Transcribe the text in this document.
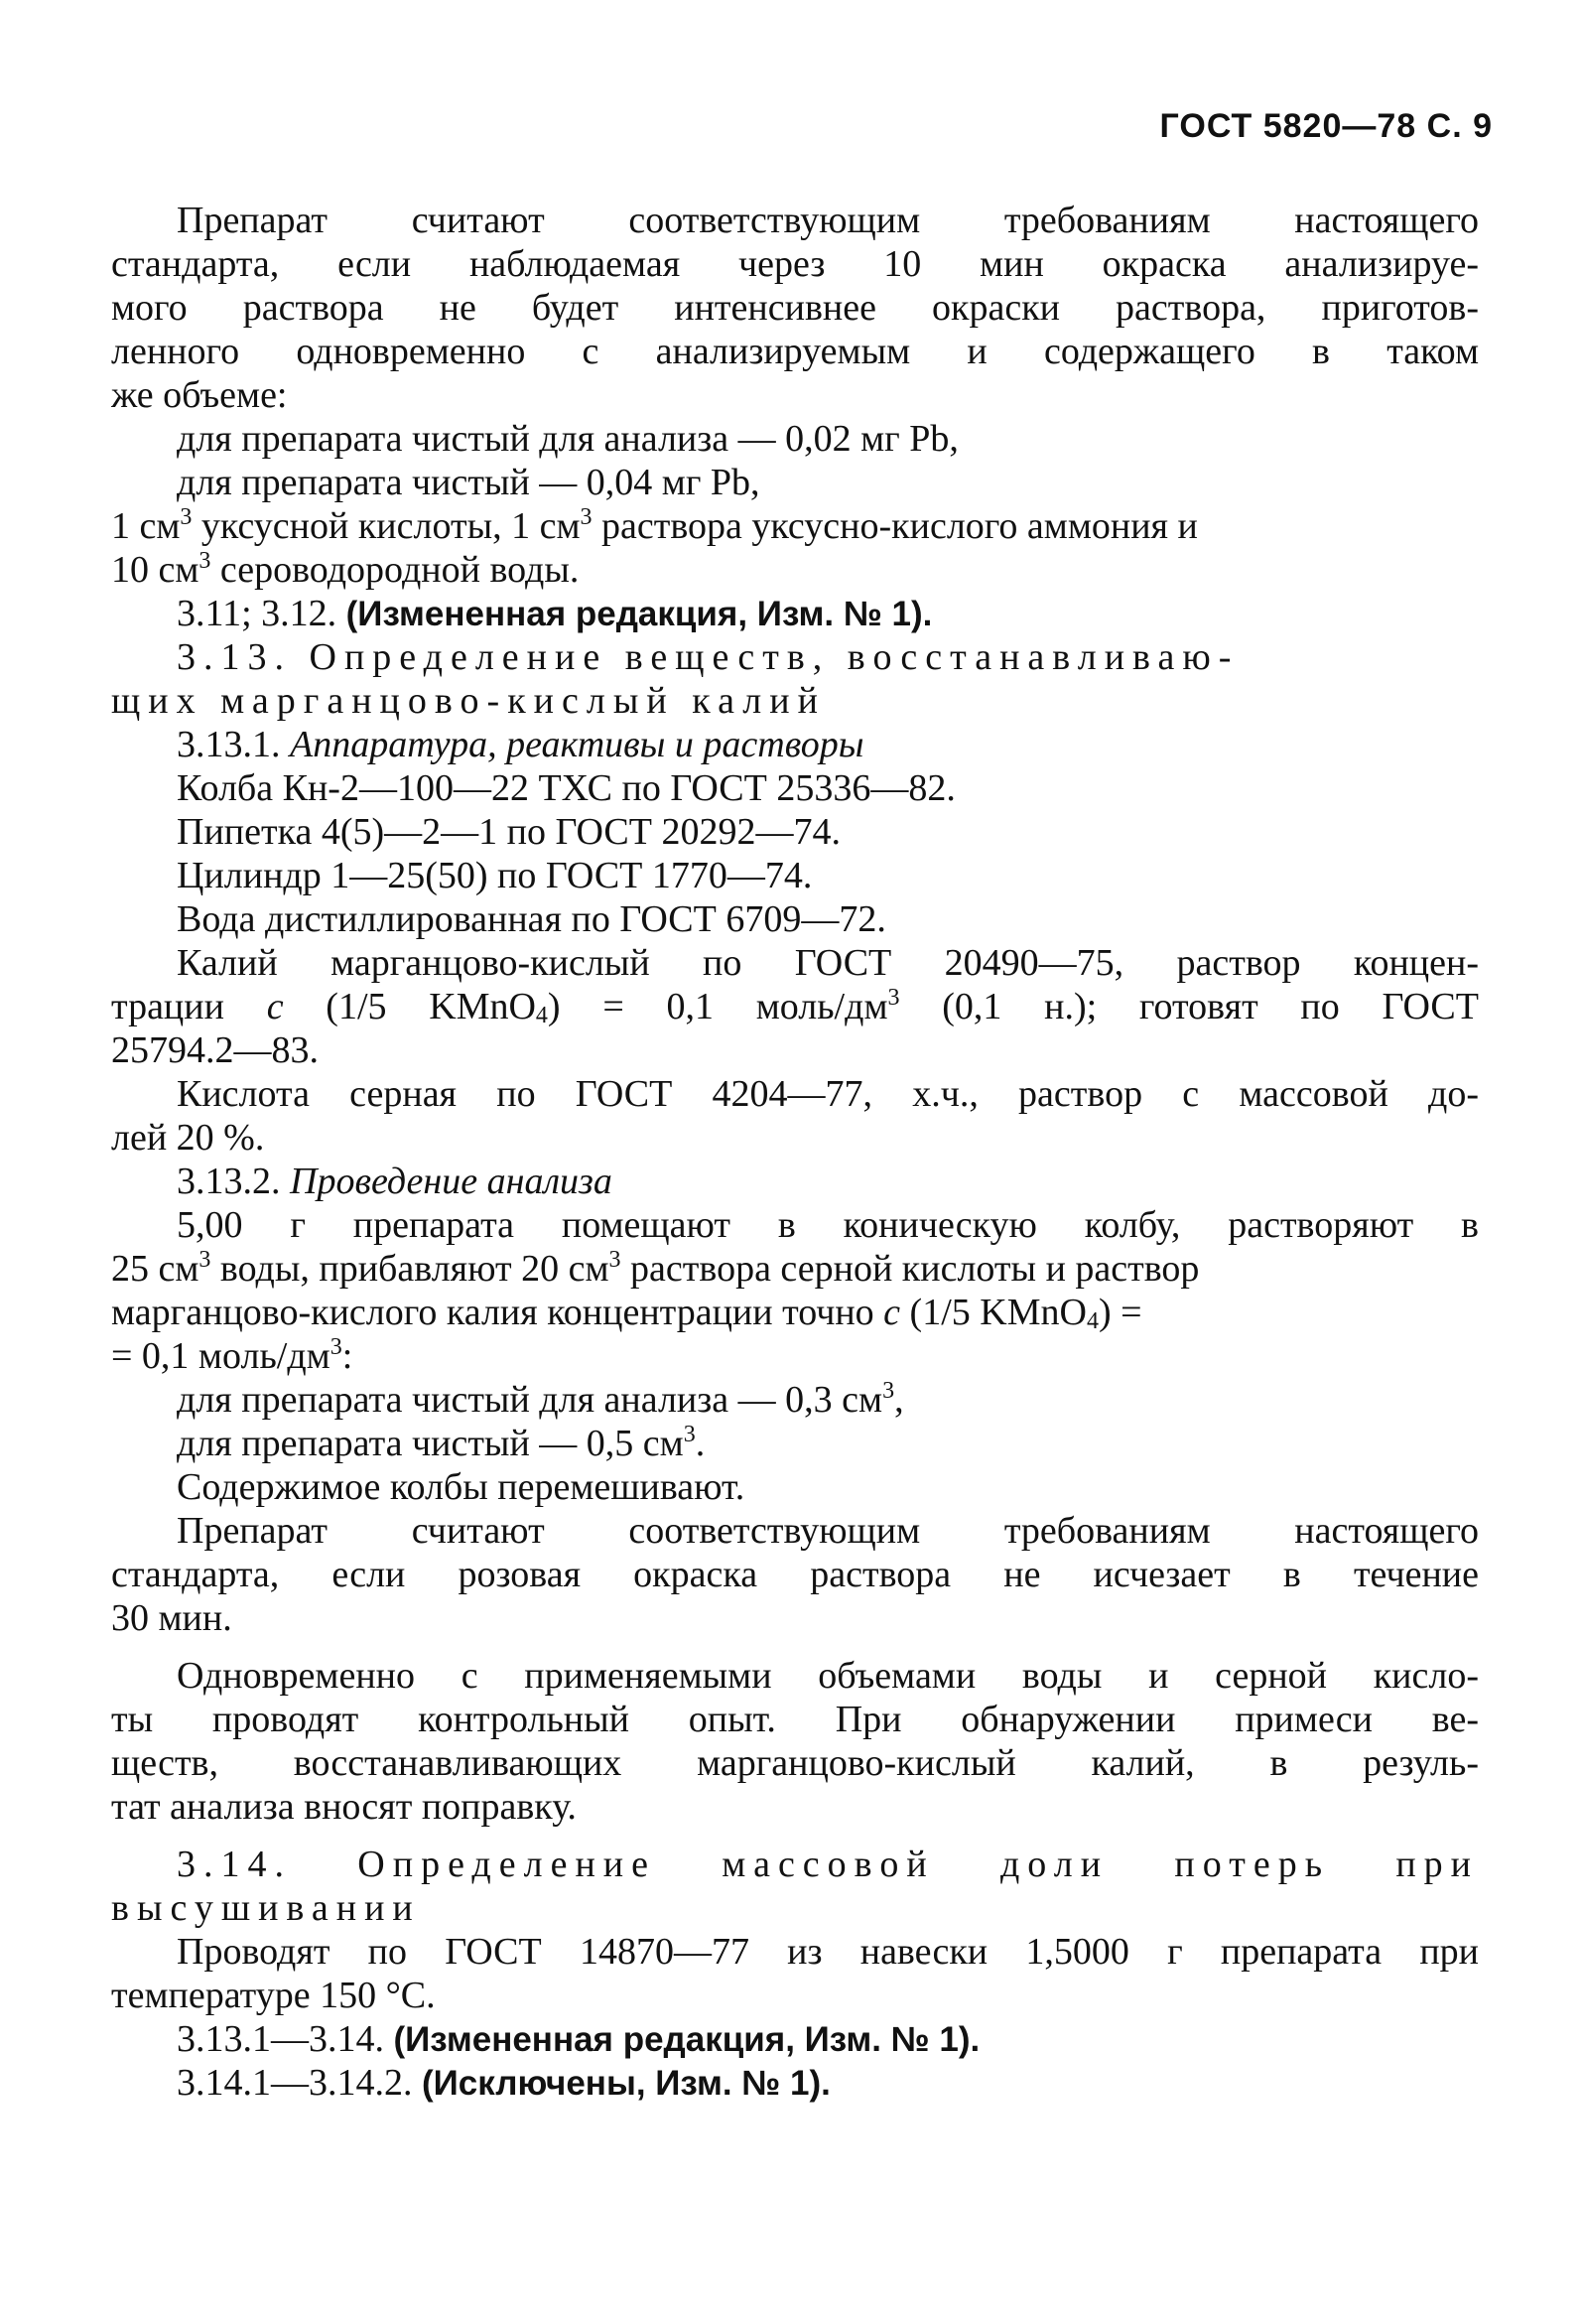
ГОСТ 5820—78 С. 9
Препарат считают соответствующим требованиям настоящего
стандарта, если наблюдаемая через 10 мин окраска анализируе-
мого раствора не будет интенсивнее окраски раствора, приготов-
ленного одновременно с анализируемым и содержащего в таком
же объеме:
для препарата чистый для анализа — 0,02 мг Pb,
для препарата чистый — 0,04 мг Pb,
1 $см^3$ уксусной кислоты, 1 $см^3$ раствора уксусно-кислого аммония и
10 $см^3$ сероводородной воды.
3.11; 3.12. (Измененная редакция, Изм. № 1).
3.13. Определение веществ, восстанавливаю-
щих марганцово-кислый калий
3.13.1. Аппаратура, реактивы и растворы
Колба Кн-2—100—22 ТХС по ГОСТ 25336—82.
Пипетка 4(5)—2—1 по ГОСТ 20292—74.
Цилиндр 1—25(50) по ГОСТ 1770—74.
Вода дистиллированная по ГОСТ 6709—72.
Калий марганцово-кислый по ГОСТ 20490—75, раствор концен-
трации с (1/5 KMnO$_4$) = 0,1 моль/$дм^3$ (0,1 н.); готовят по ГОСТ
25794.2—83.
Кислота серная по ГОСТ 4204—77, х.ч., раствор с массовой до-
лей 20 %.
3.13.2. Проведение анализа
5,00 г препарата помещают в коническую колбу, растворяют в
25 $см^3$ воды, прибавляют 20 $см^3$ раствора серной кислоты и раствор
марганцово-кислого калия концентрации точно с (1/5 KMnO$_4$) =
= 0,1 моль/$дм^3$:
для препарата чистый для анализа — 0,3 $см^3$,
для препарата чистый — 0,5 $см^3$.
Содержимое колбы перемешивают.
Препарат считают соответствующим требованиям настоящего
стандарта, если розовая окраска раствора не исчезает в течение
30 мин.
Одновременно с применяемыми объемами воды и серной кисло-
ты проводят контрольный опыт. При обнаружении примеси ве-
ществ, восстанавливающих марганцово-кислый калий, в резуль-
тат анализа вносят поправку.
3.14. Определение массовой доли потерь при
высушивании
Проводят по ГОСТ 14870—77 из навески 1,5000 г препарата при
температуре 150 °С.
3.13.1—3.14. (Измененная редакция, Изм. № 1).
3.14.1—3.14.2. (Исключены, Изм. № 1).
